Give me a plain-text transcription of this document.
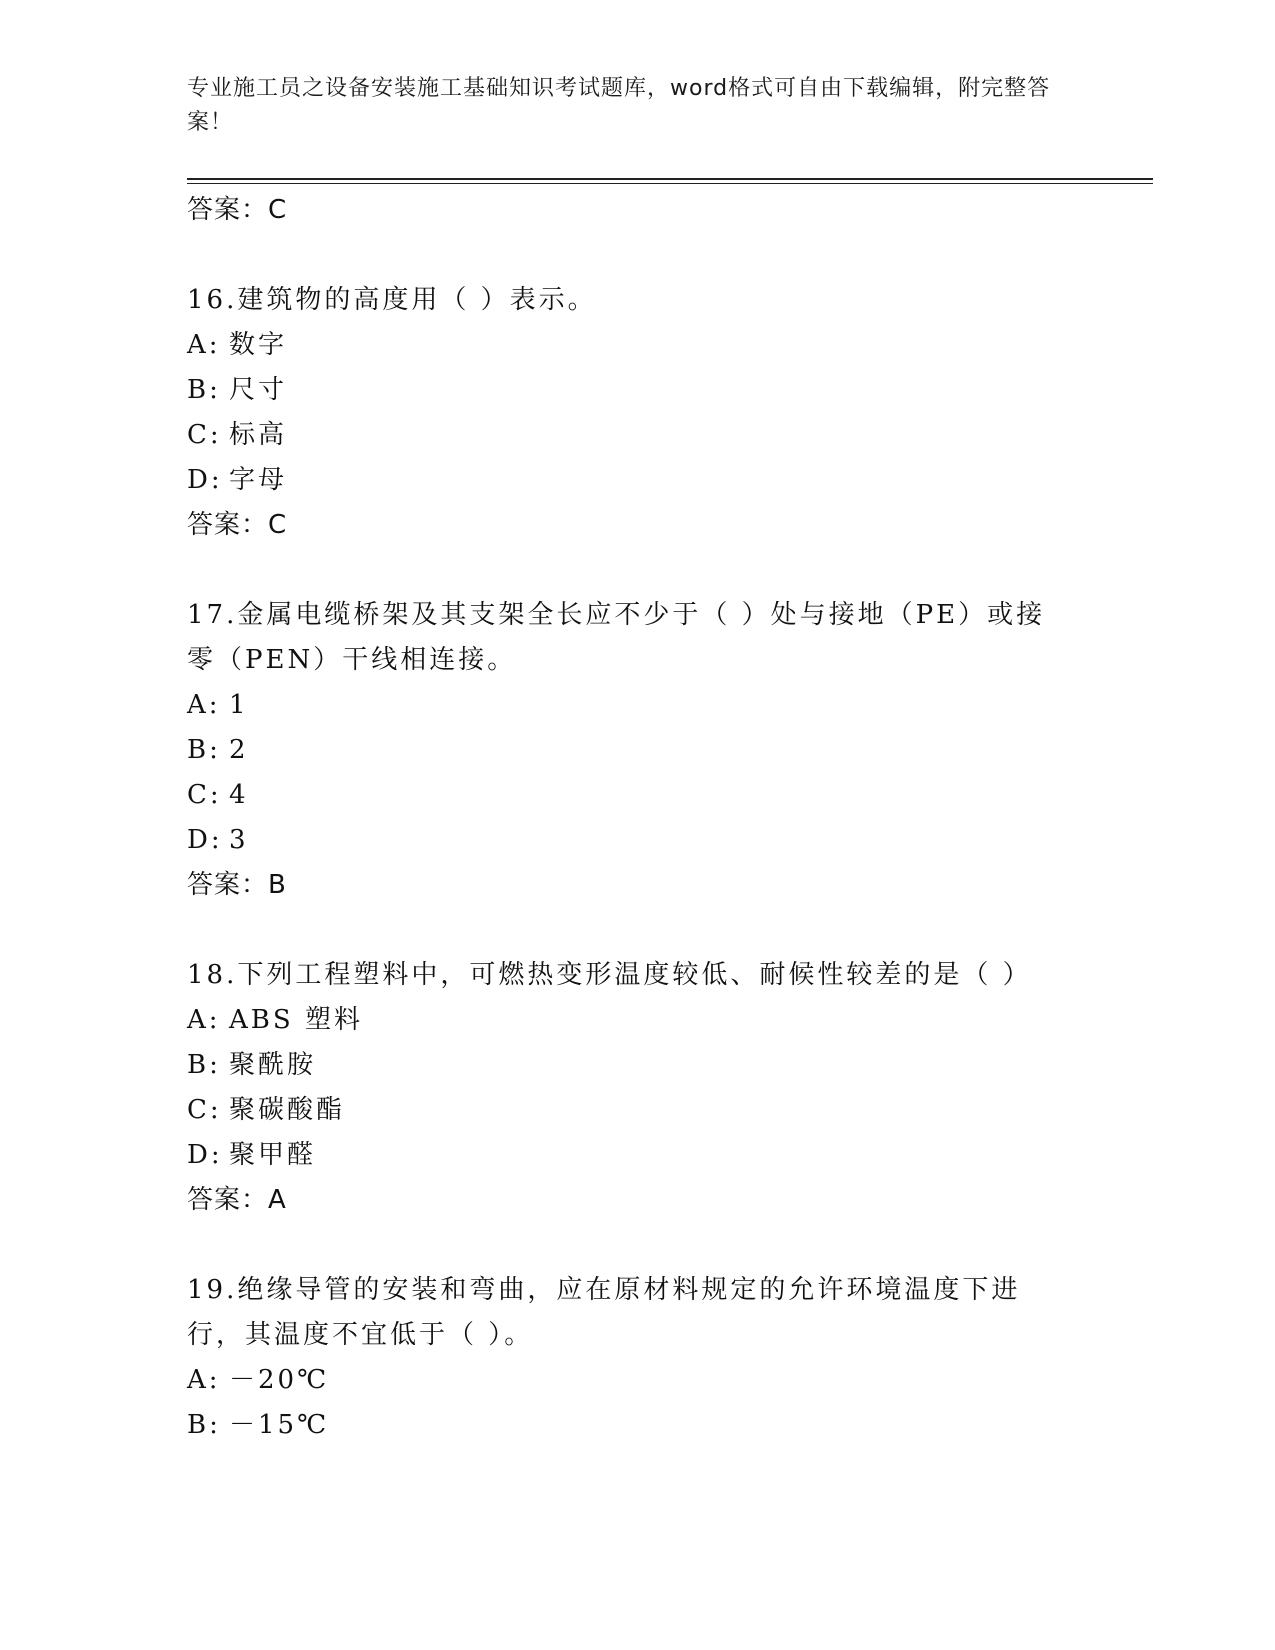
专业施工员之设备安装施工基础知识考试题库，word格式可自由下载编辑，附完整答案！
答案：C
16.建筑物的高度用（ ）表示。
A: 数字
B: 尺寸
C: 标高
D: 字母
答案：C
17.金属电缆桥架及其支架全长应不少于（ ）处与接地（PE）或接零（PEN）干线相连接。
A: 1
B: 2
C: 4
D: 3
答案：B
18.下列工程塑料中，可燃热变形温度较低、耐候性较差的是（ ）
A: ABS 塑料
B: 聚酰胺
C: 聚碳酸酯
D: 聚甲醛
答案：A
19.绝缘导管的安装和弯曲，应在原材料规定的允许环境温度下进行，其温度不宜低于（ ）。
A: －20℃
B: －15℃
